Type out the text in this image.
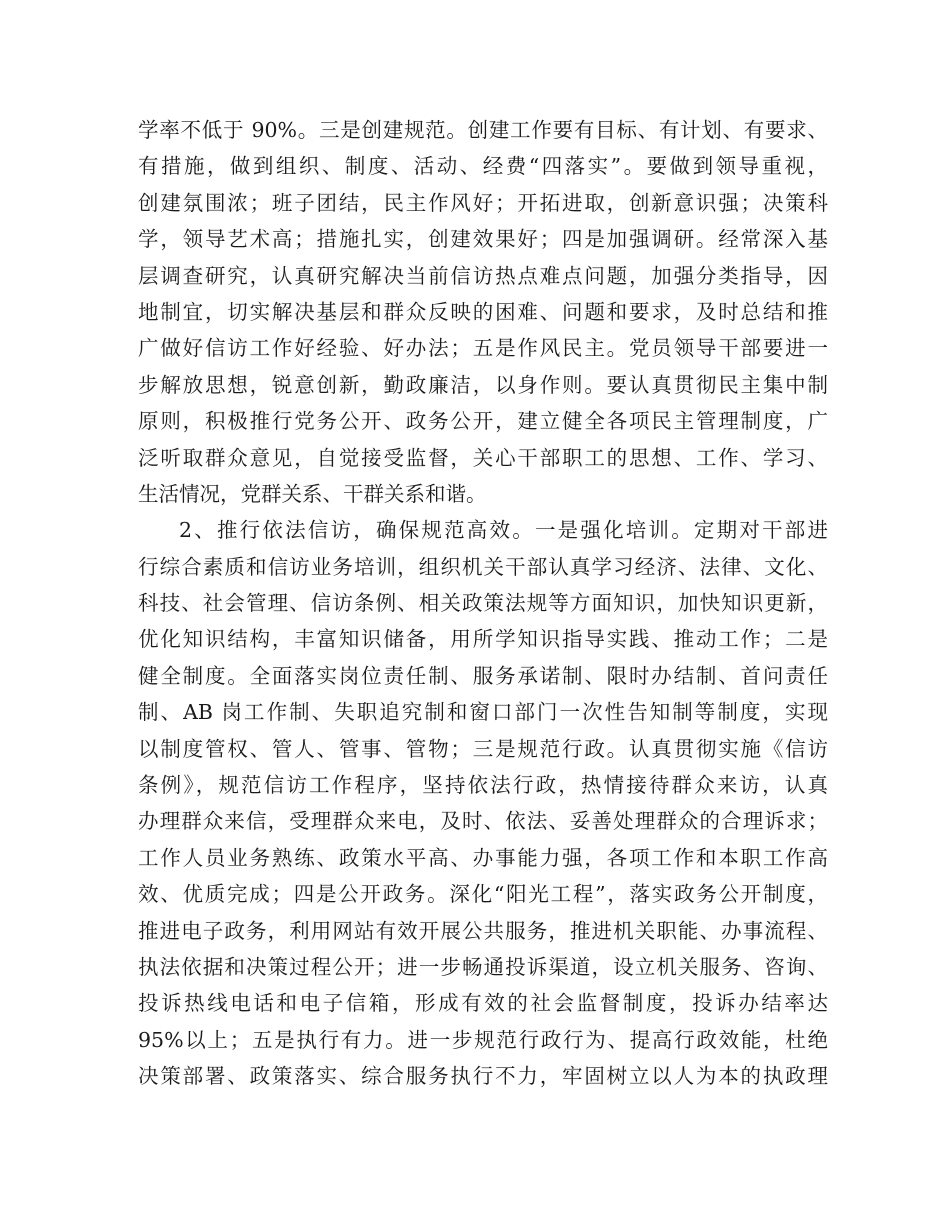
学率不低于 90%。三是创建规范。创建工作要有目标、有计划、有要求、
有措施，做到组织、制度、活动、经费“四落实”。要做到领导重视，
创建氛围浓；班子团结，民主作风好；开拓进取，创新意识强；决策科
学，领导艺术高；措施扎实，创建效果好；四是加强调研。经常深入基
层调查研究，认真研究解决当前信访热点难点问题，加强分类指导，因
地制宜，切实解决基层和群众反映的困难、问题和要求，及时总结和推
广做好信访工作好经验、好办法；五是作风民主。党员领导干部要进一
步解放思想，锐意创新，勤政廉洁，以身作则。要认真贯彻民主集中制
原则，积极推行党务公开、政务公开，建立健全各项民主管理制度，广
泛听取群众意见，自觉接受监督，关心干部职工的思想、工作、学习、
生活情况，党群关系、干群关系和谐。
2、推行依法信访，确保规范高效。一是强化培训。定期对干部进
行综合素质和信访业务培训，组织机关干部认真学习经济、法律、文化、
科技、社会管理、信访条例、相关政策法规等方面知识，加快知识更新，
优化知识结构，丰富知识储备，用所学知识指导实践、推动工作；二是
健全制度。全面落实岗位责任制、服务承诺制、限时办结制、首问责任
制、AB 岗工作制、失职追究制和窗口部门一次性告知制等制度，实现
以制度管权、管人、管事、管物；三是规范行政。认真贯彻实施《信访
条例》，规范信访工作程序，坚持依法行政，热情接待群众来访，认真
办理群众来信，受理群众来电，及时、依法、妥善处理群众的合理诉求；
工作人员业务熟练、政策水平高、办事能力强，各项工作和本职工作高
效、优质完成；四是公开政务。深化“阳光工程”，落实政务公开制度，
推进电子政务，利用网站有效开展公共服务，推进机关职能、办事流程、
执法依据和决策过程公开；进一步畅通投诉渠道，设立机关服务、咨询、
投诉热线电话和电子信箱，形成有效的社会监督制度，投诉办结率达
95%以上；五是执行有力。进一步规范行政行为、提高行政效能，杜绝
决策部署、政策落实、综合服务执行不力，牢固树立以人为本的执政理
